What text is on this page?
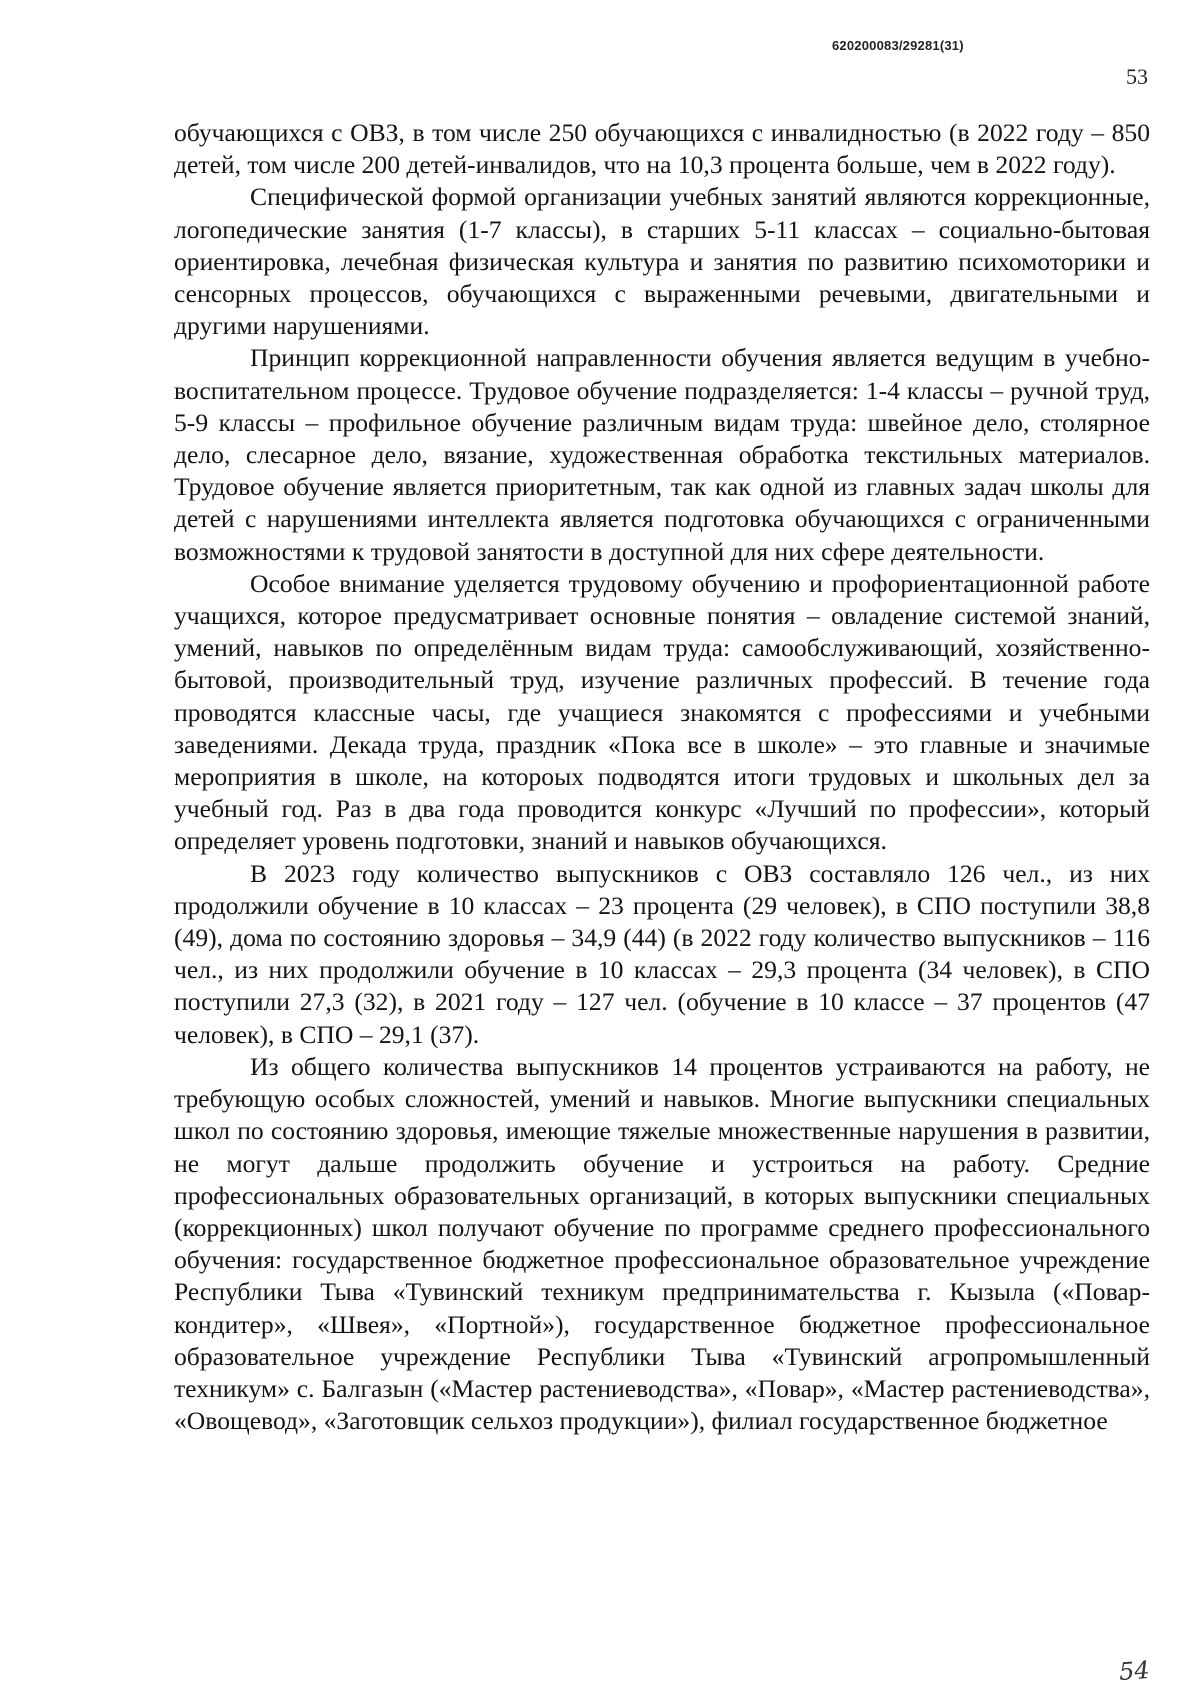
620200083/29281(31)
53

обучающихся с ОВЗ, в том числе 250 обучающихся с инвалидностью (в 2022 году – 850 детей, том числе 200 детей-инвалидов, что на 10,3 процента больше, чем в 2022 году).

Специфической формой организации учебных занятий являются коррекционные, логопедические занятия (1-7 классы), в старших 5-11 классах – социально-бытовая ориентировка, лечебная физическая культура и занятия по развитию психомоторики и сенсорных процессов, обучающихся с выраженными речевыми, двигательными и другими нарушениями.

Принцип коррекционной направленности обучения является ведущим в учебно-воспитательном процессе. Трудовое обучение подразделяется: 1-4 классы – ручной труд, 5-9 классы – профильное обучение различным видам труда: швейное дело, столярное дело, слесарное дело, вязание, художественная обработка текстильных материалов. Трудовое обучение является приоритетным, так как одной из главных задач школы для детей с нарушениями интеллекта является подготовка обучающихся с ограниченными возможностями к трудовой занятости в доступной для них сфере деятельности.

Особое внимание уделяется трудовому обучению и профориентационной работе учащихся, которое предусматривает основные понятия – овладение системой знаний, умений, навыков по определённым видам труда: самообслуживающий, хозяйственно-бытовой, производительный труд, изучение различных профессий. В течение года проводятся классные часы, где учащиеся знакомятся с профессиями и учебными заведениями. Декада труда, праздник «Пока все в школе» – это главные и значимые мероприятия в школе, на котороых подводятся итоги трудовых и школьных дел за учебный год. Раз в два года проводится конкурс «Лучший по профессии», который определяет уровень подготовки, знаний и навыков обучающихся.

В 2023 году количество выпускников с ОВЗ составляло 126 чел., из них продолжили обучение в 10 классах – 23 процента (29 человек), в СПО поступили 38,8 (49), дома по состоянию здоровья – 34,9 (44) (в 2022 году количество выпускников – 116 чел., из них продолжили обучение в 10 классах – 29,3 процента (34 человек), в СПО поступили 27,3 (32), в 2021 году – 127 чел. (обучение в 10 классе – 37 процентов (47 человек), в СПО – 29,1 (37).

Из общего количества выпускников 14 процентов устраиваются на работу, не требующую особых сложностей, умений и навыков. Многие выпускники специальных школ по состоянию здоровья, имеющие тяжелые множественные нарушения в развитии, не могут дальше продолжить обучение и устроиться на работу. Средние профессиональных образовательных организаций, в которых выпускники специальных (коррекционных) школ получают обучение по программе среднего профессионального обучения: государственное бюджетное профессиональное образовательное учреждение Республики Тыва «Тувинский техникум предпринимательства г. Кызыла («Повар-кондитер», «Швея», «Портной»), государственное бюджетное профессиональное образовательное учреждение Республики Тыва «Тувинский агропромышленный техникум» с. Балгазын («Мастер растениеводства», «Повар», «Мастер растениеводства», «Овощевод», «Заготовщик сельхоз продукции»), филиал государственное бюджетное

54
